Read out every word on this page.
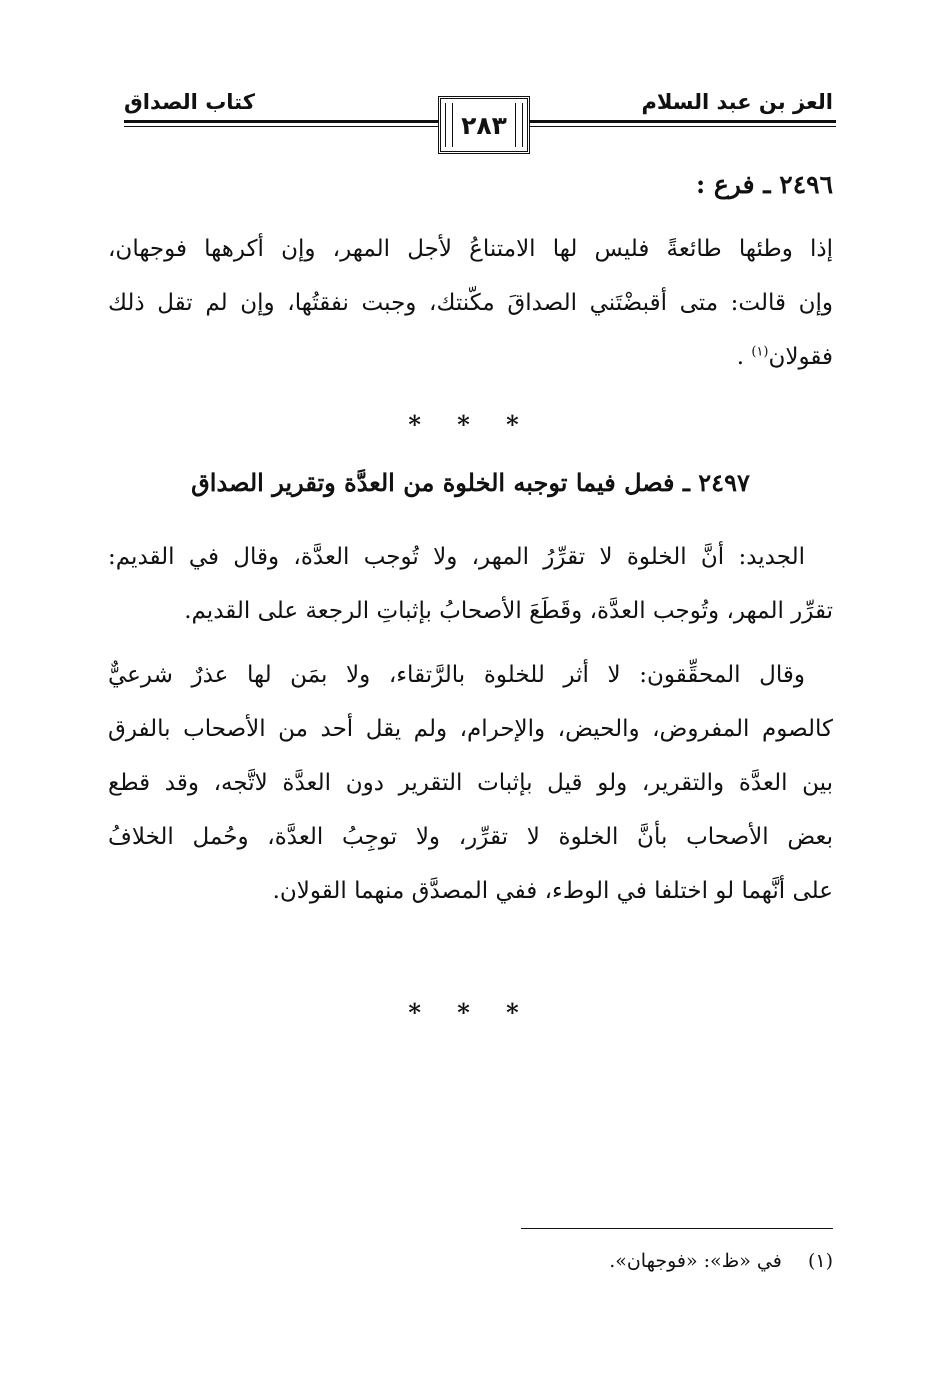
العز بن عبد السلام
كتاب الصداق
٢٨٣
٢٤٩٦ ـ فرع :
إذا وطئها طائعةً فليس لها الامتناعُ لأجل المهر، وإن أكرهها فوجهان،
وإن قالت: متى أقبضْتَني الصداقَ مكّنتك، وجبت نفقتُها، وإن لم تقل ذلك
فقولان$^{(١)}$ .
* * *
٢٤٩٧ ـ فصل فيما توجبه الخلوة من العدَّة وتقرير الصداق
الجديد: أنَّ الخلوة لا تقرِّرُ المهر، ولا تُوجب العدَّة، وقال في القديم:
تقرِّر المهر، وتُوجب العدَّة، وقَطَعَ الأصحابُ بإثباتِ الرجعة على القديم.
وقال المحقِّقون: لا أثر للخلوة بالرَّتقاء، ولا بمَن لها عذرٌ شرعيٌّ
كالصوم المفروض، والحيض، والإحرام، ولم يقل أحد من الأصحاب بالفرق
بين العدَّة والتقرير، ولو قيل بإثبات التقرير دون العدَّة لاتَّجه، وقد قطع
بعض الأصحاب بأنَّ الخلوة لا تقرِّر، ولا توجِبُ العدَّة، وحُمل الخلافُ
على أنَّهما لو اختلفا في الوطء، ففي المصدَّق منهما القولان.
* * *
(١)  في «ظ»: «فوجهان».
